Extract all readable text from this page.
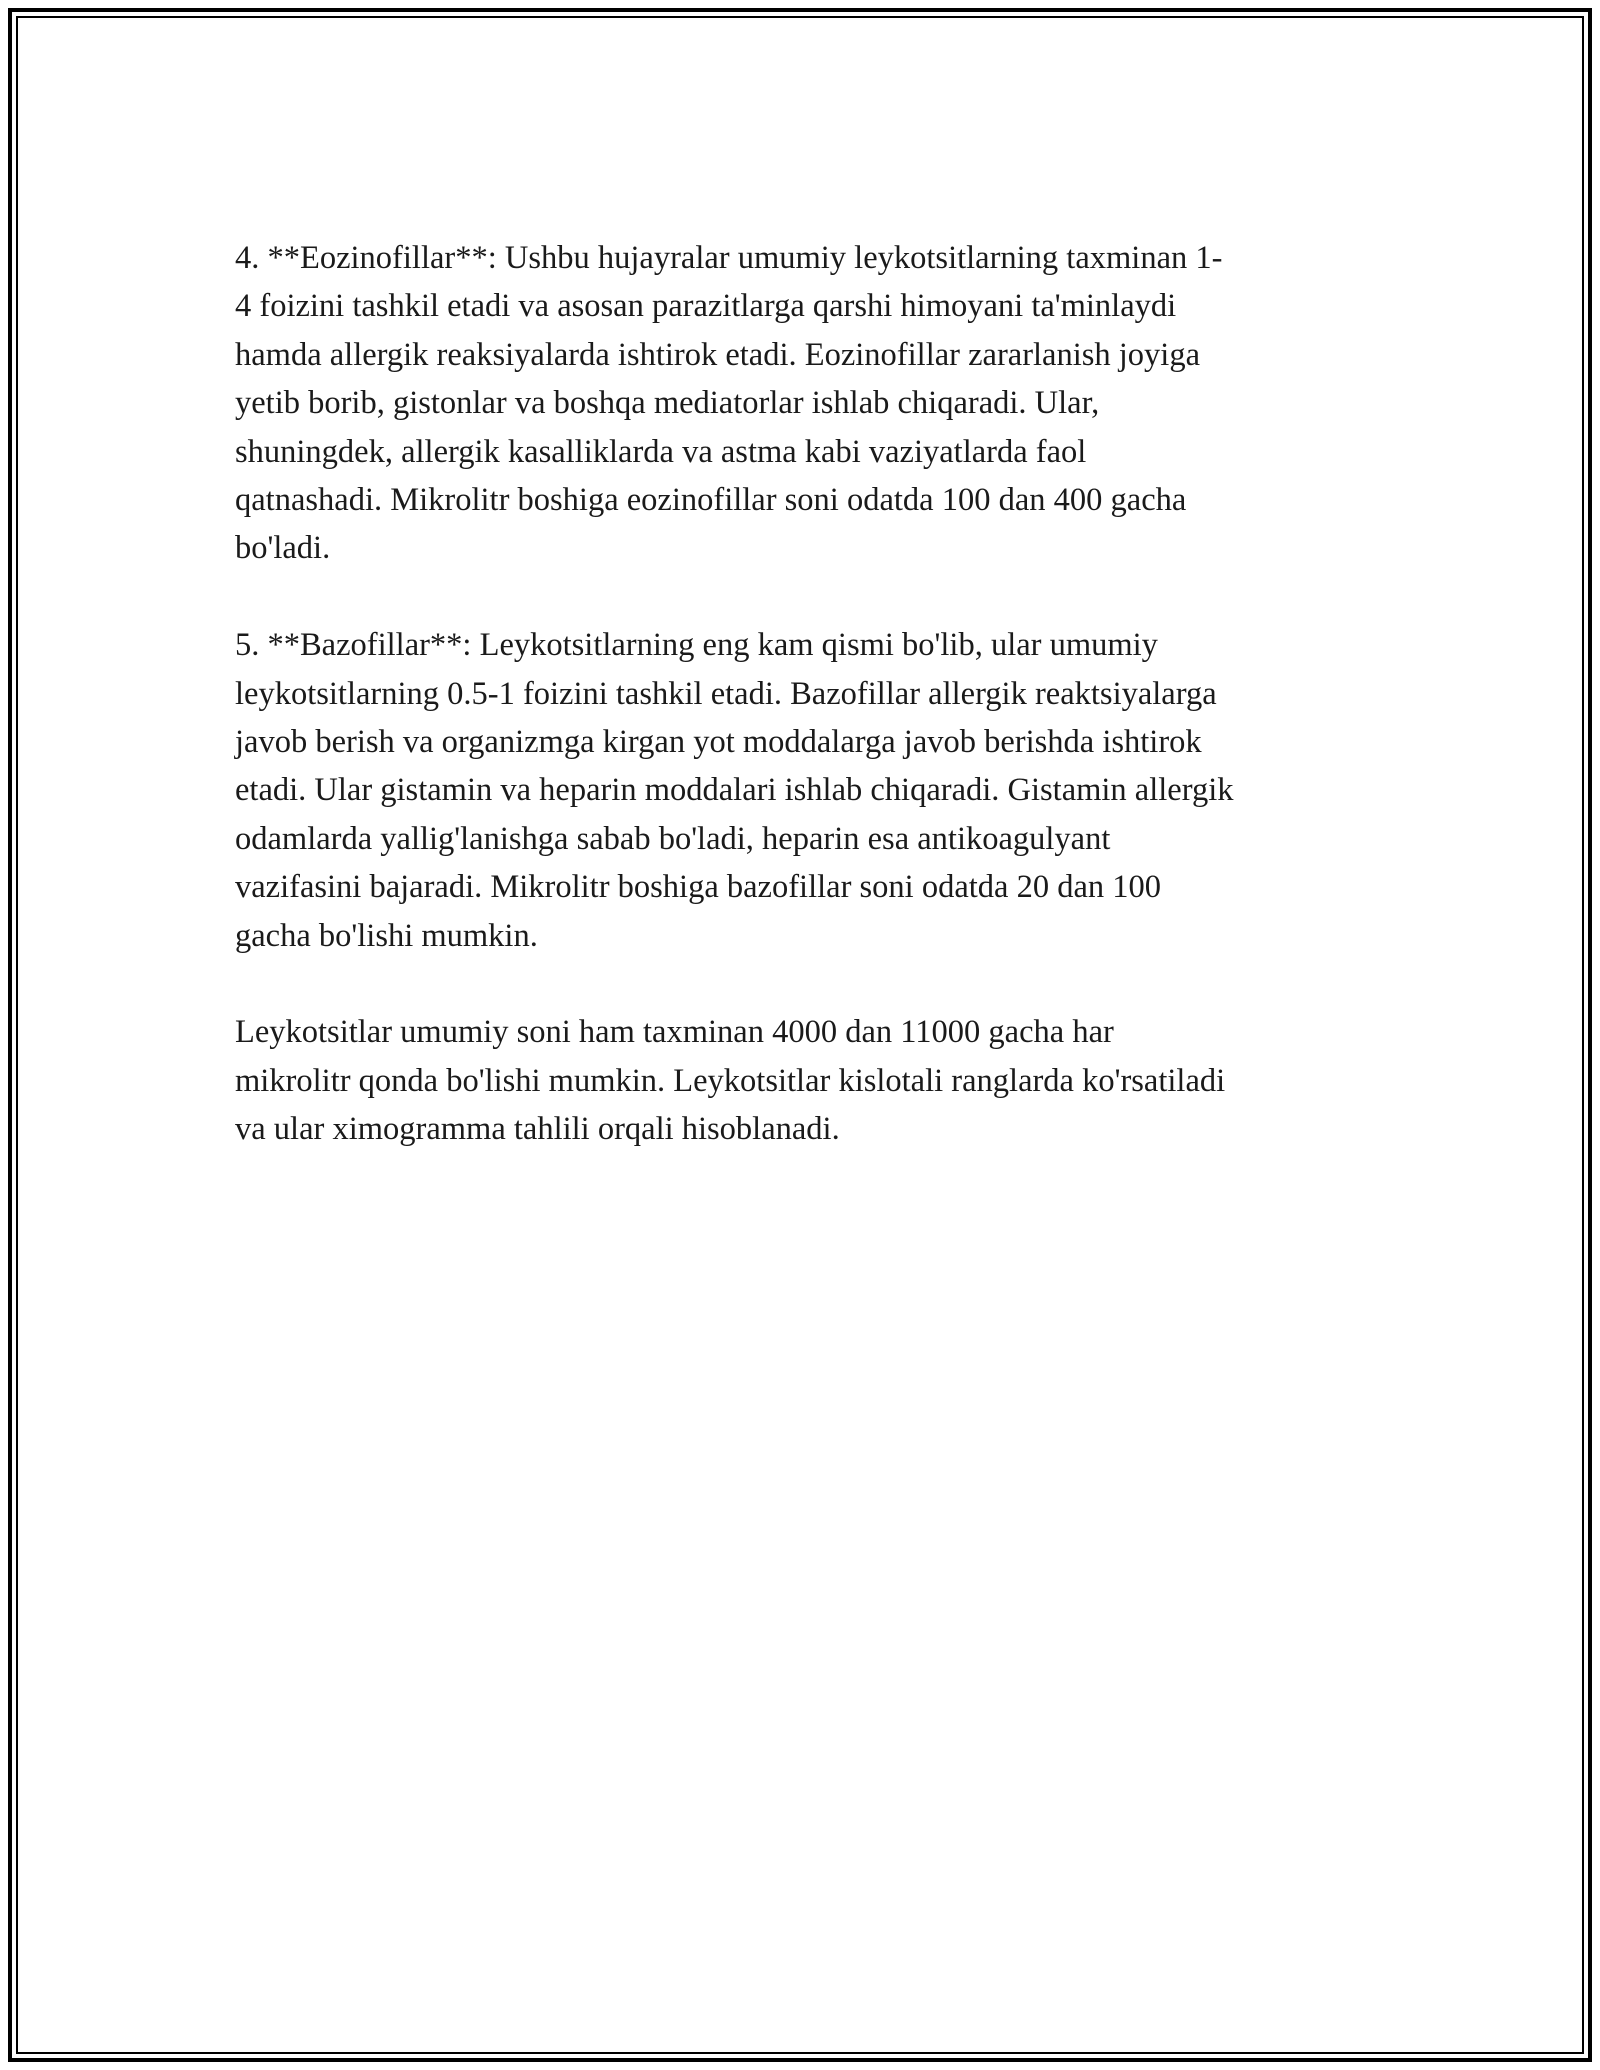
4. **Eozinofillar**: Ushbu hujayralar umumiy leykotsitlarning taxminan 1-
4 foizini tashkil etadi va asosan parazitlarga qarshi himoyani ta'minlaydi
hamda allergik reaksiyalarda ishtirok etadi. Eozinofillar zararlanish joyiga
yetib borib, gistonlar va boshqa mediatorlar ishlab chiqaradi. Ular,
shuningdek, allergik kasalliklarda va astma kabi vaziyatlarda faol
qatnashadi. Mikrolitr boshiga eozinofillar soni odatda 100 dan 400 gacha
bo'ladi.

5. **Bazofillar**: Leykotsitlarning eng kam qismi bo'lib, ular umumiy
leykotsitlarning 0.5-1 foizini tashkil etadi. Bazofillar allergik reaktsiyalarga
javob berish va organizmga kirgan yot moddalarga javob berishda ishtirok
etadi. Ular gistamin va heparin moddalari ishlab chiqaradi. Gistamin allergik
odamlarda yallig'lanishga sabab bo'ladi, heparin esa antikoagulyant
vazifasini bajaradi. Mikrolitr boshiga bazofillar soni odatda 20 dan 100
gacha bo'lishi mumkin.

Leykotsitlar umumiy soni ham taxminan 4000 dan 11000 gacha har
mikrolitr qonda bo'lishi mumkin. Leykotsitlar kislotali ranglarda ko'rsatiladi
va ular ximogramma tahlili orqali hisoblanadi.
